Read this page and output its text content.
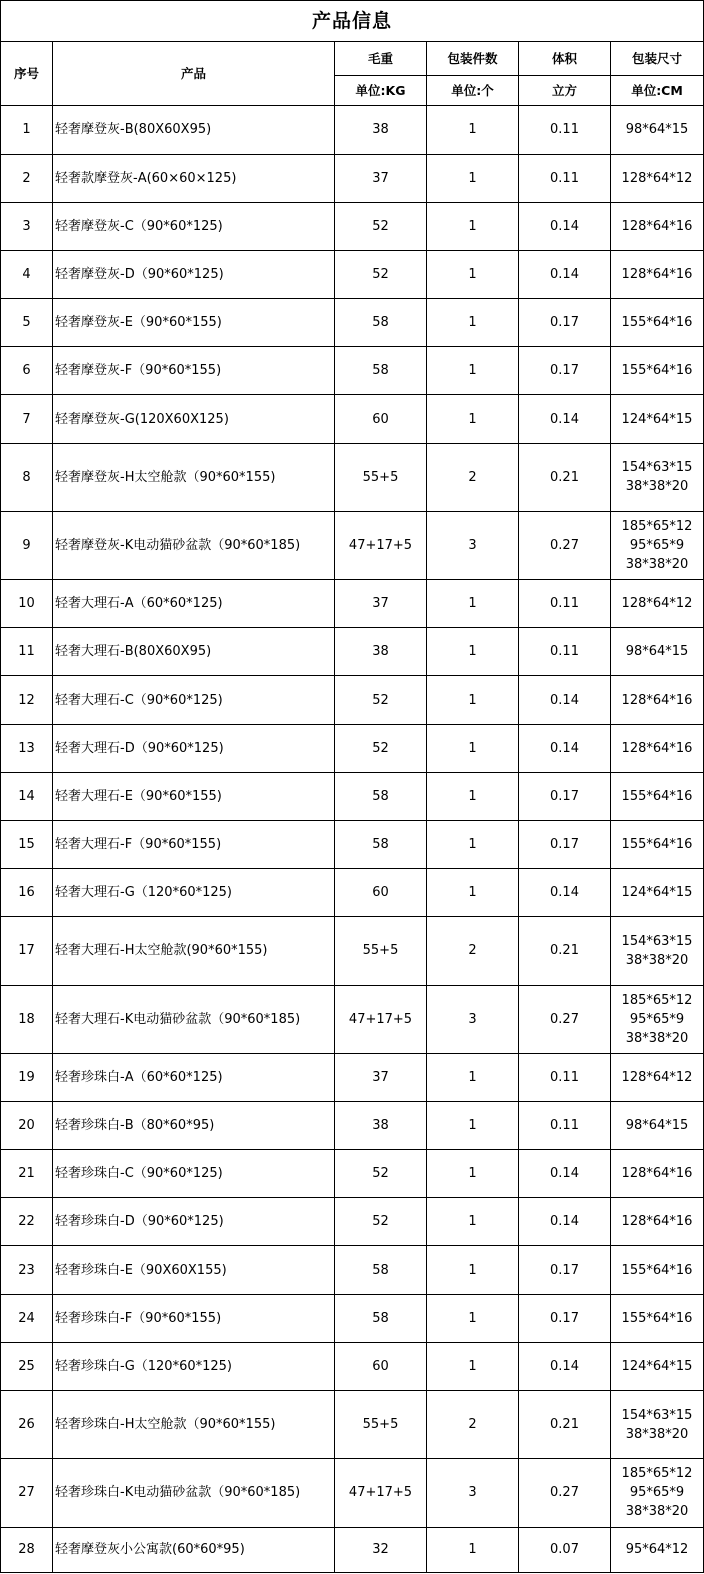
产品信息					
序号	产品	毛重	包装件数	体积	包装尺寸
		单位:KG	单位:个	立方	单位:CM
1	轻奢摩登灰-B(80X60X95)	38	1	0.11	98*64*15

2	轻奢款摩登灰-A(60×60×125)	37	1	0.11	128*64*12

3	轻奢摩登灰-C（90*60*125)	52	1	0.14	128*64*16

4	轻奢摩登灰-D（90*60*125)	52	1	0.14	128*64*16

5	轻奢摩登灰-E（90*60*155)	58	1	0.17	155*64*16

6	轻奢摩登灰-F（90*60*155)	58	1	0.17	155*64*16

7	轻奢摩登灰-G(120X60X125)	60	1	0.14	124*64*15

8	轻奢摩登灰-H太空舱款（90*60*155)	55+5	2	0.21	154*63*15
38*38*20

9	轻奢摩登灰-K电动猫砂盆款（90*60*185)	47+17+5	3	0.27	185*65*12
95*65*9
38*38*20

10	轻奢大理石-A（60*60*125)	37	1	0.11	128*64*12

11	轻奢大理石-B(80X60X95)	38	1	0.11	98*64*15

12	轻奢大理石-C（90*60*125)	52	1	0.14	128*64*16

13	轻奢大理石-D（90*60*125)	52	1	0.14	128*64*16

14	轻奢大理石-E（90*60*155)	58	1	0.17	155*64*16

15	轻奢大理石-F（90*60*155)	58	1	0.17	155*64*16

16	轻奢大理石-G（120*60*125)	60	1	0.14	124*64*15

17	轻奢大理石-H太空舱款(90*60*155)	55+5	2	0.21	154*63*15
38*38*20

18	轻奢大理石-K电动猫砂盆款（90*60*185)	47+17+5	3	0.27	185*65*12
95*65*9
38*38*20

19	轻奢珍珠白-A（60*60*125)	37	1	0.11	128*64*12

20	轻奢珍珠白-B（80*60*95)	38	1	0.11	98*64*15

21	轻奢珍珠白-C（90*60*125)	52	1	0.14	128*64*16

22	轻奢珍珠白-D（90*60*125)	52	1	0.14	128*64*16

23	轻奢珍珠白-E（90X60X155)	58	1	0.17	155*64*16

24	轻奢珍珠白-F（90*60*155)	58	1	0.17	155*64*16

25	轻奢珍珠白-G（120*60*125)	60	1	0.14	124*64*15

26	轻奢珍珠白-H太空舱款（90*60*155)	55+5	2	0.21	154*63*15
38*38*20

27	轻奢珍珠白-K电动猫砂盆款（90*60*185)	47+17+5	3	0.27	185*65*12
95*65*9
38*38*20

28	轻奢摩登灰小公寓款(60*60*95)	32	1	0.07	95*64*12
